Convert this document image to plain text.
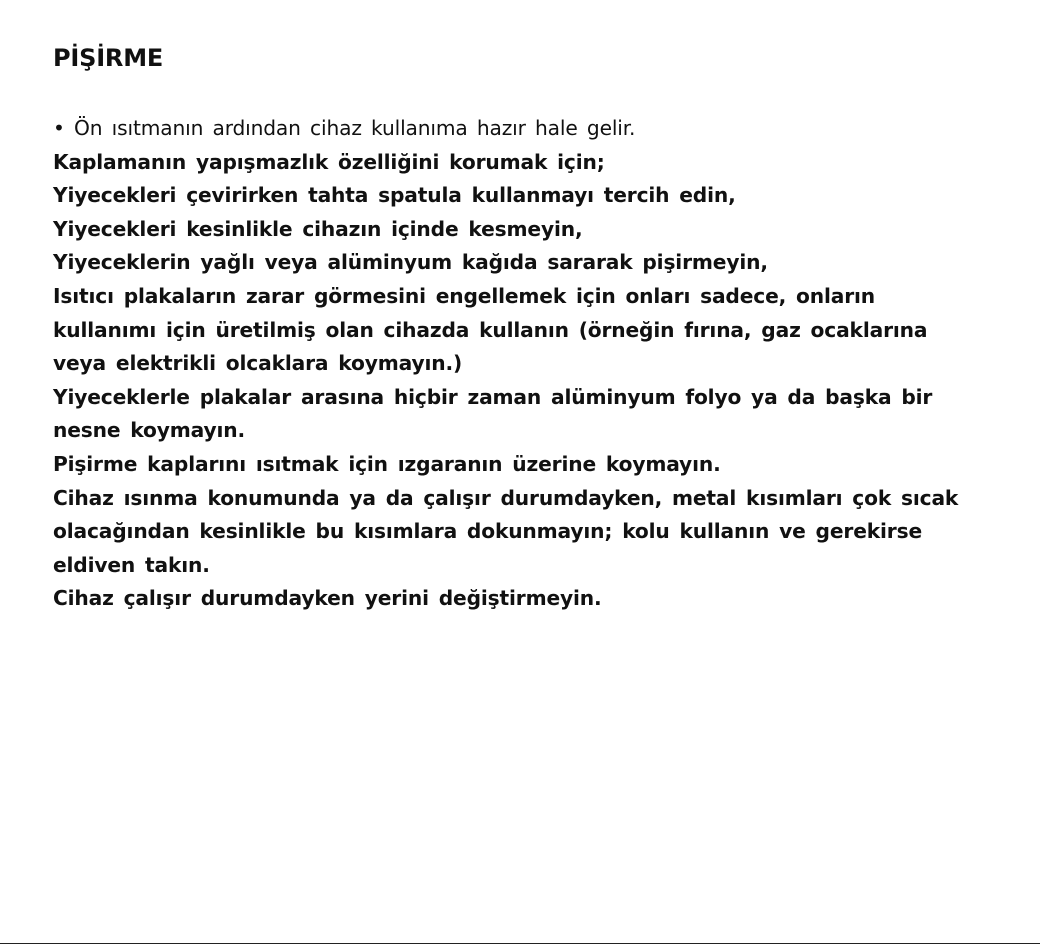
PİŞİRME
• Ön ısıtmanın ardından cihaz kullanıma hazır hale gelir.
Kaplamanın yapışmazlık özelliğini korumak için;
Yiyecekleri çevirirken tahta spatula kullanmayı tercih edin,
Yiyecekleri kesinlikle cihazın içinde kesmeyin,
Yiyeceklerin yağlı veya alüminyum kağıda sararak pişirmeyin,
Isıtıcı plakaların zarar görmesini engellemek için onları sadece, onların
kullanımı için üretilmiş olan cihazda kullanın (örneğin fırına, gaz ocaklarına
veya elektrikli olcaklara koymayın.)
Yiyeceklerle plakalar arasına hiçbir zaman alüminyum folyo ya da başka bir
nesne koymayın.
Pişirme kaplarını ısıtmak için ızgaranın üzerine koymayın.
Cihaz ısınma konumunda ya da çalışır durumdayken, metal kısımları çok sıcak
olacağından kesinlikle bu kısımlara dokunmayın; kolu kullanın ve gerekirse
eldiven takın.
Cihaz çalışır durumdayken yerini değiştirmeyin.
